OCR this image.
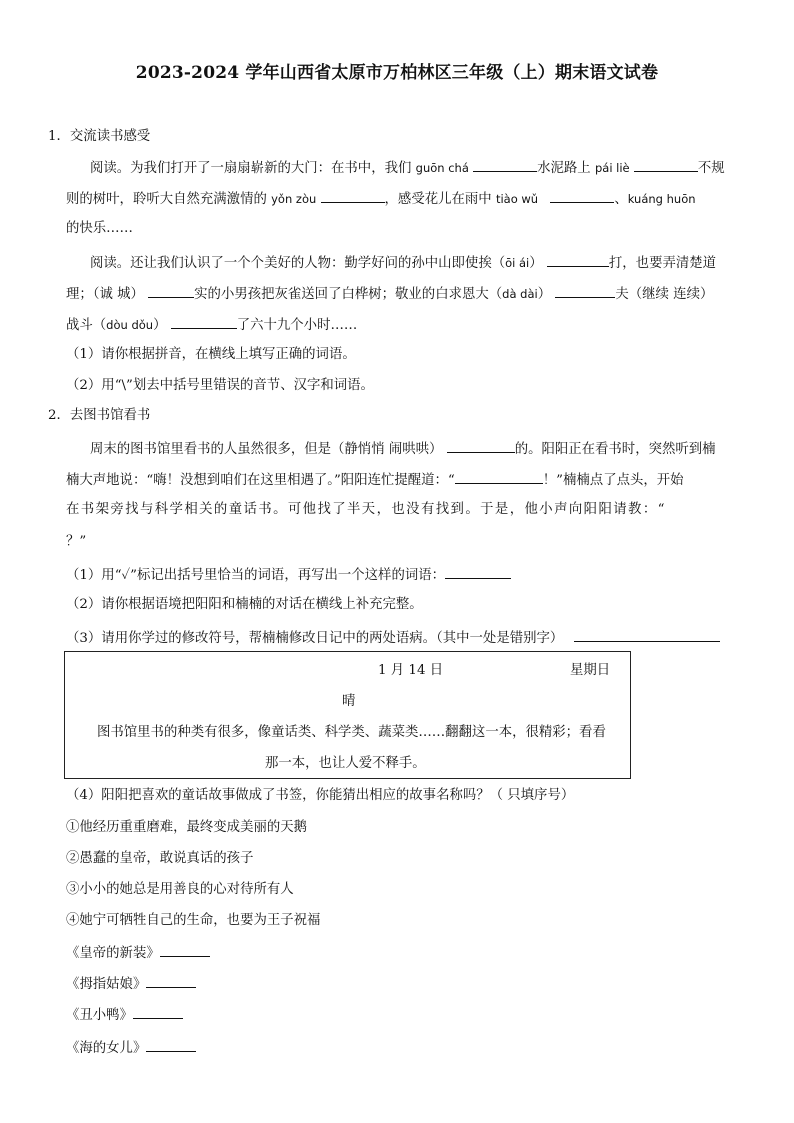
2023-2024 学年山西省太原市万柏林区三年级（上）期末语文试卷
1．交流读书感受
阅读。为我们打开了一扇扇崭新的大门：在书中，我们 guōn chá	水泥路上 pái liè	不规
则的树叶，聆听大自然充满激情的 yǒn zòu	，感受花儿在雨中 tiào wǔ	、kuáng huōn
的快乐……
阅读。还让我们认识了一个个美好的人物：勤学好问的孙中山即使挨（ōi ái）	打，也要弄清楚道
理；（诚 城）	实的小男孩把灰雀送回了白桦树；敬业的白求恩大（dà dài）	夫（继续 连续）
战斗（dòu dǒu）	了六十九个小时……
（1）请你根据拼音，在横线上填写正确的词语。
（2）用“\”划去中括号里错误的音节、汉字和词语。
2．去图书馆看书
周末的图书馆里看书的人虽然很多，但是（静悄悄 闹哄哄）	的。阳阳正在看书时，突然听到楠
楠大声地说：“嗨！没想到咱们在这里相遇了。”阳阳连忙提醒道：“	！”楠楠点了点头，开始
在书架旁找与科学相关的童话书。可他找了半天，也没有找到。于是，他小声向阳阳请教：“
？”
（1）用“✓”标记出括号里恰当的词语，再写出一个这样的词语：
（2）请你根据语境把阳阳和楠楠的对话在横线上补充完整。
（3）请用你学过的修改符号，帮楠楠修改日记中的两处语病。（其中一处是错别字）
1 月 14 日	星期日
晴
图书馆里书的种类有很多，像童话类、科学类、蔬菜类……翻翻这一本，很精彩；看看
那一本，也让人爱不释手。
（4）阳阳把喜欢的童话故事做成了书签，你能猜出相应的故事名称吗？（ 只填序号）
①他经历重重磨难，最终变成美丽的天鹅
②愚蠢的皇帝，敢说真话的孩子
③小小的她总是用善良的心对待所有人
④她宁可牺牲自己的生命，也要为王子祝福
《皇帝的新装》
《拇指姑娘》
《丑小鸭》
《海的女儿》
